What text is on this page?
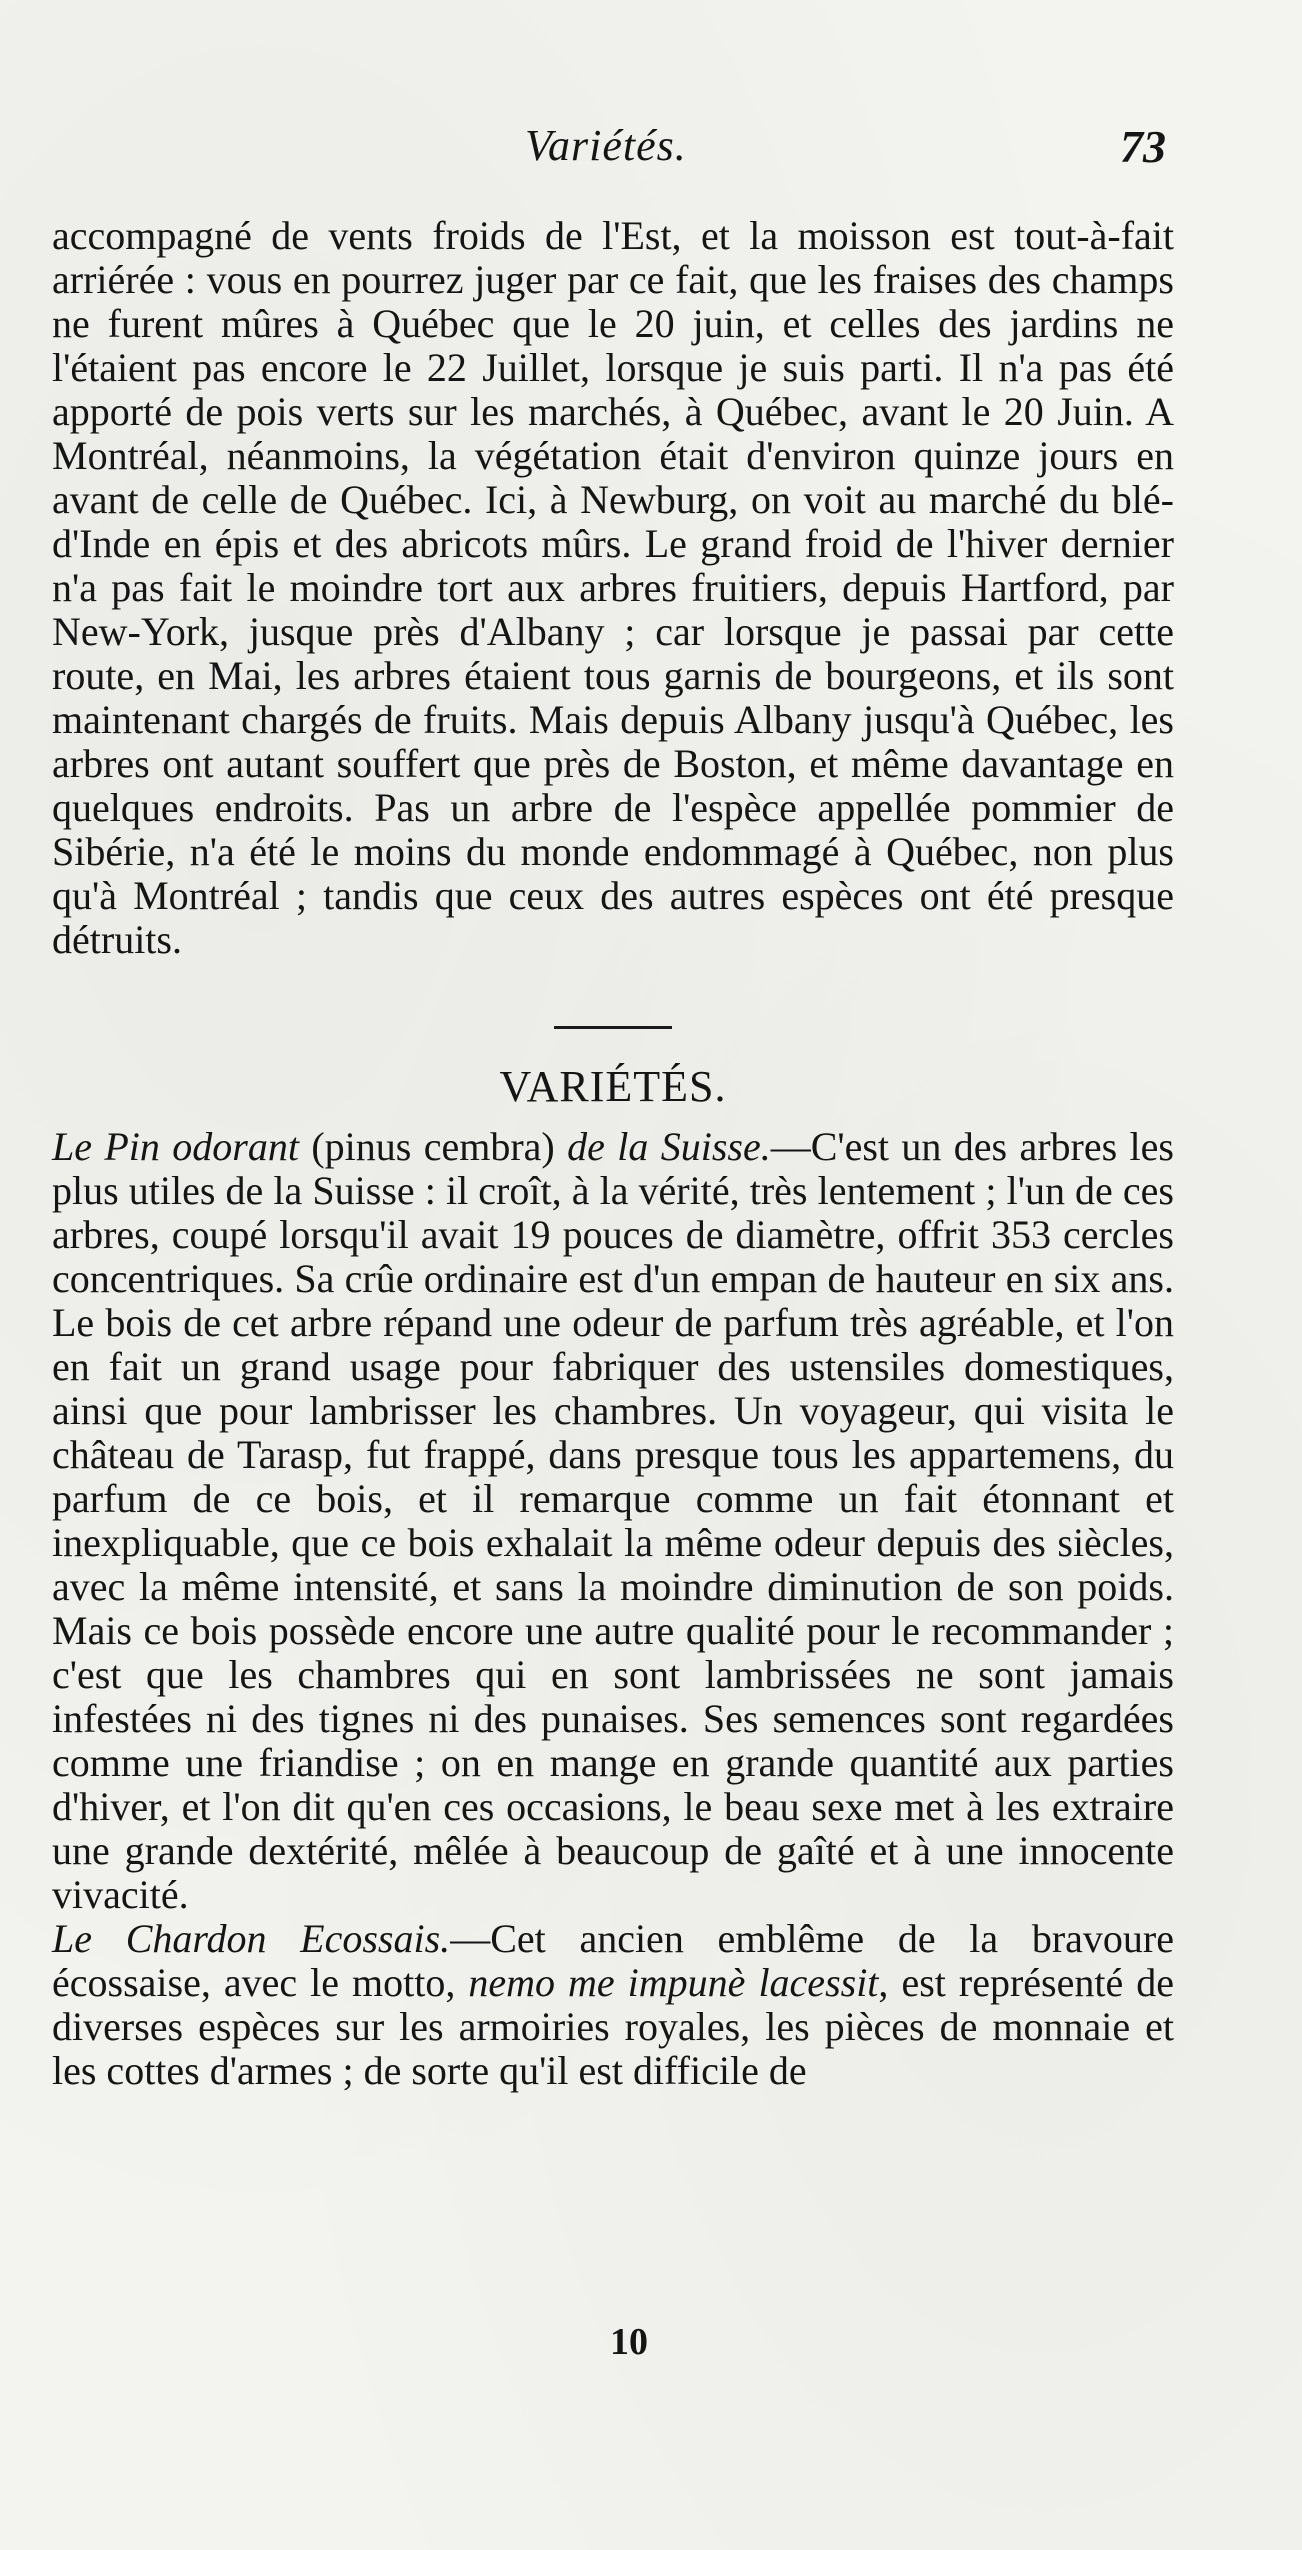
Variétés.	73

accompagné de vents froids de l'Est, et la moisson est tout-à-fait arriérée : vous en pourrez juger par ce fait, que les fraises des champs ne furent mûres à Québec que le 20 juin, et celles des jardins ne l'étaient pas encore le 22 Juillet, lorsque je suis parti. Il n'a pas été apporté de pois verts sur les marchés, à Québec, avant le 20 Juin. A Montréal, néanmoins, la végétation était d'environ quinze jours en avant de celle de Québec. Ici, à Newburg, on voit au marché du blé-d'Inde en épis et des abricots mûrs. Le grand froid de l'hiver dernier n'a pas fait le moindre tort aux arbres fruitiers, depuis Hartford, par New-York, jusque près d'Albany ; car lorsque je passai par cette route, en Mai, les arbres étaient tous garnis de bourgeons, et ils sont maintenant chargés de fruits. Mais depuis Albany jusqu'à Québec, les arbres ont autant souffert que près de Boston, et même davantage en quelques endroits. Pas un arbre de l'espèce appellée pommier de Sibérie, n'a été le moins du monde endommagé à Québec, non plus qu'à Montréal ; tandis que ceux des autres espèces ont été presque détruits.

VARIÉTÉS.

Le Pin odorant (pinus cembra) de la Suisse.—C'est un des arbres les plus utiles de la Suisse : il croît, à la vérité, très lentement ; l'un de ces arbres, coupé lorsqu'il avait 19 pouces de diamètre, offrit 353 cercles concentriques. Sa crûe ordinaire est d'un empan de hauteur en six ans. Le bois de cet arbre répand une odeur de parfum très agréable, et l'on en fait un grand usage pour fabriquer des ustensiles domestiques, ainsi que pour lambrisser les chambres. Un voyageur, qui visita le château de Tarasp, fut frappé, dans presque tous les appartemens, du parfum de ce bois, et il remarque comme un fait étonnant et inexpliquable, que ce bois exhalait la même odeur depuis des siècles, avec la même intensité, et sans la moindre diminution de son poids. Mais ce bois possède encore une autre qualité pour le recommander ; c'est que les chambres qui en sont lambrissées ne sont jamais infestées ni des tignes ni des punaises. Ses semences sont regardées comme une friandise ; on en mange en grande quantité aux parties d'hiver, et l'on dit qu'en ces occasions, le beau sexe met à les extraire une grande dextérité, mêlée à beaucoup de gaîté et à une innocente vivacité.

Le Chardon Ecossais.—Cet ancien emblême de la bravoure écossaise, avec le motto, nemo me impunè lacessit, est représenté de diverses espèces sur les armoiries royales, les pièces de monnaie et les cottes d'armes ; de sorte qu'il est difficile de

10
